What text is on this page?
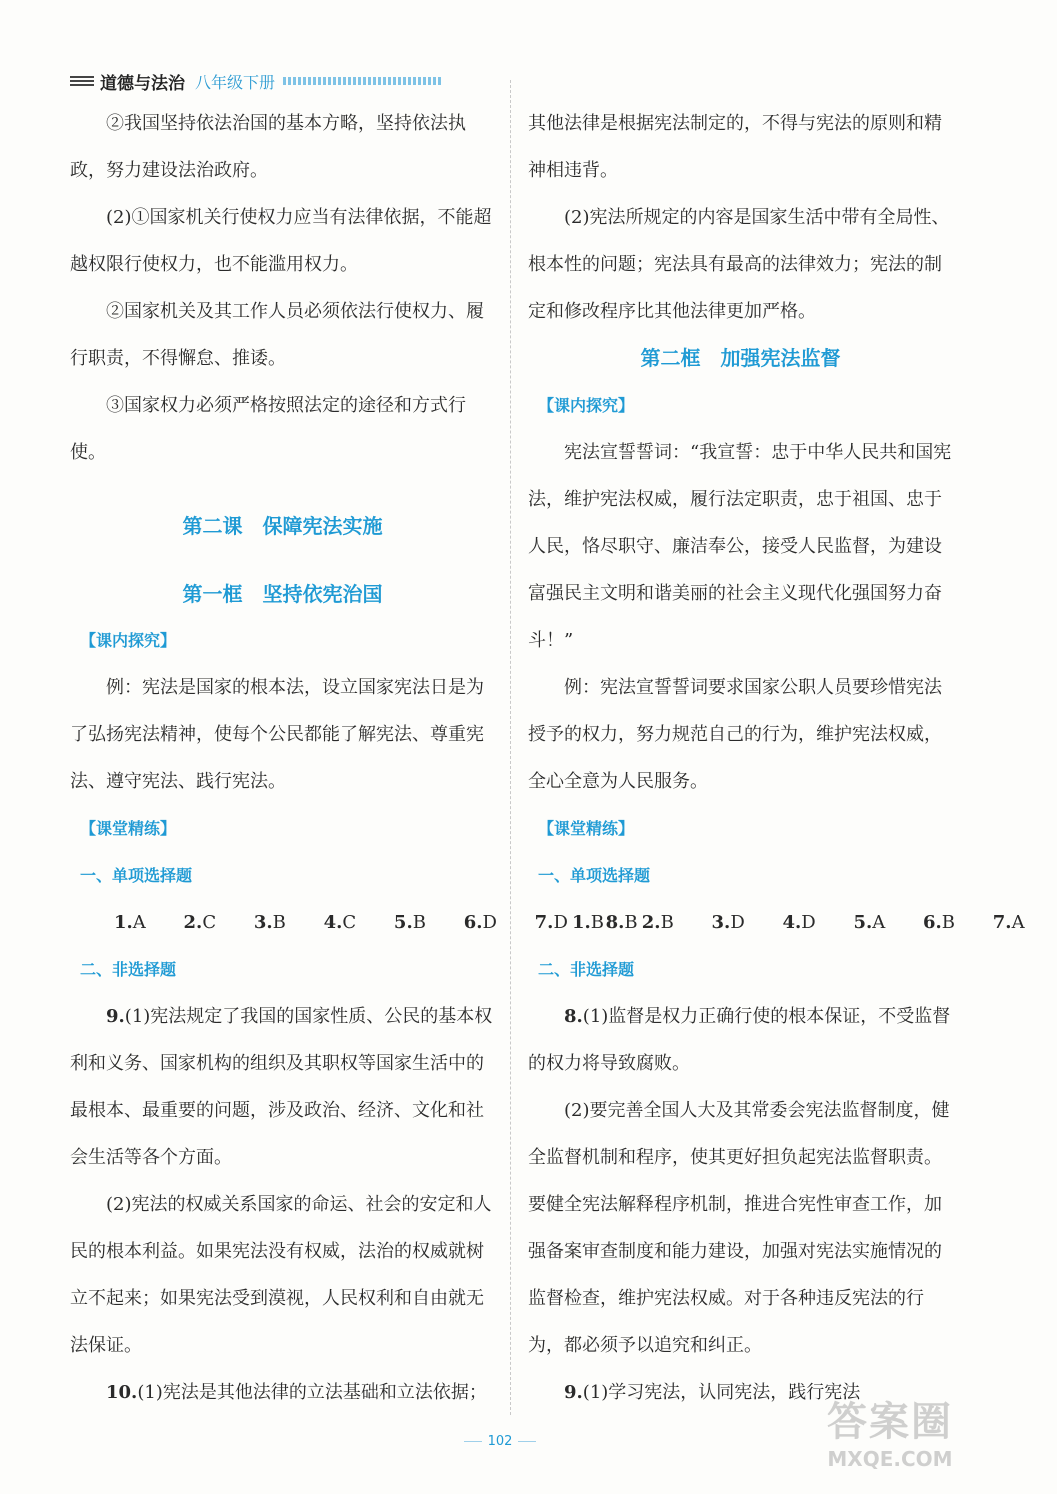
道德与法治 八年级下册

②我国坚持依法治国的基本方略，坚持依法执政，努力建设法治政府。

(2)①国家机关行使权力应当有法律依据，不能超越权限行使权力，也不能滥用权力。

②国家机关及其工作人员必须依法行使权力、履行职责，不得懈怠、推诿。

③国家权力必须严格按照法定的途径和方式行使。

第二课　保障宪法实施

第一框　坚持依宪治国

【课内探究】

例：宪法是国家的根本法，设立国家宪法日是为了弘扬宪法精神，使每个公民都能了解宪法、尊重宪法、遵守宪法、践行宪法。

【课堂精练】

一、单项选择题

1.A 2.C 3.B 4.C 5.B 6.D 7.D 8.B

二、非选择题

9.(1)宪法规定了我国的国家性质、公民的基本权利和义务、国家机构的组织及其职权等国家生活中的最根本、最重要的问题，涉及政治、经济、文化和社会生活等各个方面。

(2)宪法的权威关系国家的命运、社会的安定和人民的根本利益。如果宪法没有权威，法治的权威就树立不起来；如果宪法受到漠视，人民权利和自由就无法保证。

10.(1)宪法是其他法律的立法基础和立法依据；

其他法律是根据宪法制定的，不得与宪法的原则和精神相违背。

(2)宪法所规定的内容是国家生活中带有全局性、根本性的问题；宪法具有最高的法律效力；宪法的制定和修改程序比其他法律更加严格。

第二框　加强宪法监督

【课内探究】

宪法宣誓誓词：“我宣誓：忠于中华人民共和国宪法，维护宪法权威，履行法定职责，忠于祖国、忠于人民，恪尽职守、廉洁奉公，接受人民监督，为建设富强民主文明和谐美丽的社会主义现代化强国努力奋斗！”

例：宪法宣誓誓词要求国家公职人员要珍惜宪法授予的权力，努力规范自己的行为，维护宪法权威，全心全意为人民服务。

【课堂精练】

一、单项选择题

1.B 2.B 3.D 4.D 5.A 6.B 7.A

二、非选择题

8.(1)监督是权力正确行使的根本保证，不受监督的权力将导致腐败。

(2)要完善全国人大及其常委会宪法监督制度，健全监督机制和程序，使其更好担负起宪法监督职责。要健全宪法解释程序机制，推进合宪性审查工作，加强备案审查制度和能力建设，加强对宪法实施情况的监督检查，维护宪法权威。对于各种违反宪法的行为，都必须予以追究和纠正。

9.(1)学习宪法，认同宪法，践行宪法

102	答案圈
MXQE.COM
